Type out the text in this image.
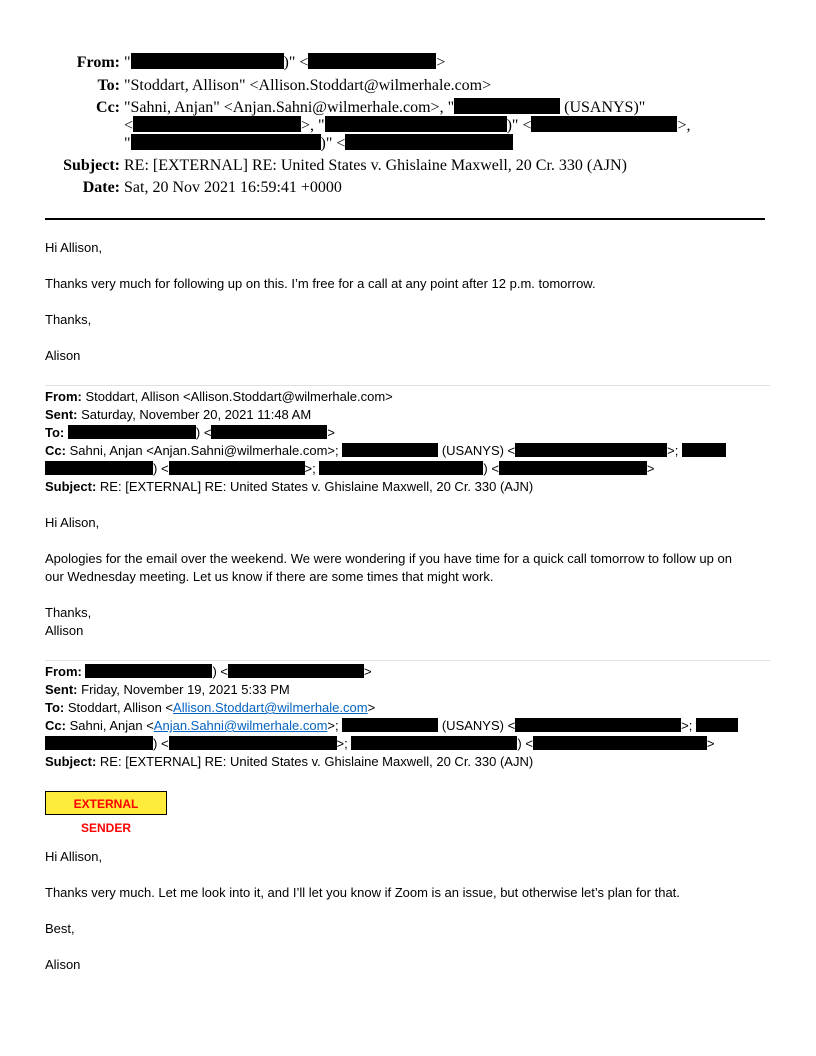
From: "	)" <	>
To: "Stoddart, Allison" <Allison.Stoddart@wilmerhale.com>
Cc: "Sahni, Anjan" <Anjan.Sahni@wilmerhale.com>, "	(USANYS)"
<	>, "	)" <	>,
"	)" <
Subject: RE: [EXTERNAL] RE: United States v. Ghislaine Maxwell, 20 Cr. 330 (AJN)
Date: Sat, 20 Nov 2021 16:59:41 +0000
Hi Allison,
Thanks very much for following up on this. I’m free for a call at any point after 12 p.m. tomorrow.
Thanks,
Alison
From: Stoddart, Allison <Allison.Stoddart@wilmerhale.com>
Sent: Saturday, November 20, 2021 11:48 AM
To:	) <	>
Cc: Sahni, Anjan <Anjan.Sahni@wilmerhale.com>;	(USANYS) <	>;
) <	>;	) <	>
Subject: RE: [EXTERNAL] RE: United States v. Ghislaine Maxwell, 20 Cr. 330 (AJN)
Hi Alison,
Apologies for the email over the weekend. We were wondering if you have time for a quick call tomorrow to follow up on
our Wednesday meeting. Let us know if there are some times that might work.
Thanks,
Allison
From:	) <	>
Sent: Friday, November 19, 2021 5:33 PM
To: Stoddart, Allison <Allison.Stoddart@wilmerhale.com>
Cc: Sahni, Anjan <Anjan.Sahni@wilmerhale.com>;	(USANYS) <	>;
) <	>;	) <	>
Subject: RE: [EXTERNAL] RE: United States v. Ghislaine Maxwell, 20 Cr. 330 (AJN)
EXTERNAL SENDER
Hi Allison,
Thanks very much. Let me look into it, and I’ll let you know if Zoom is an issue, but otherwise let’s plan for that.
Best,
Alison
